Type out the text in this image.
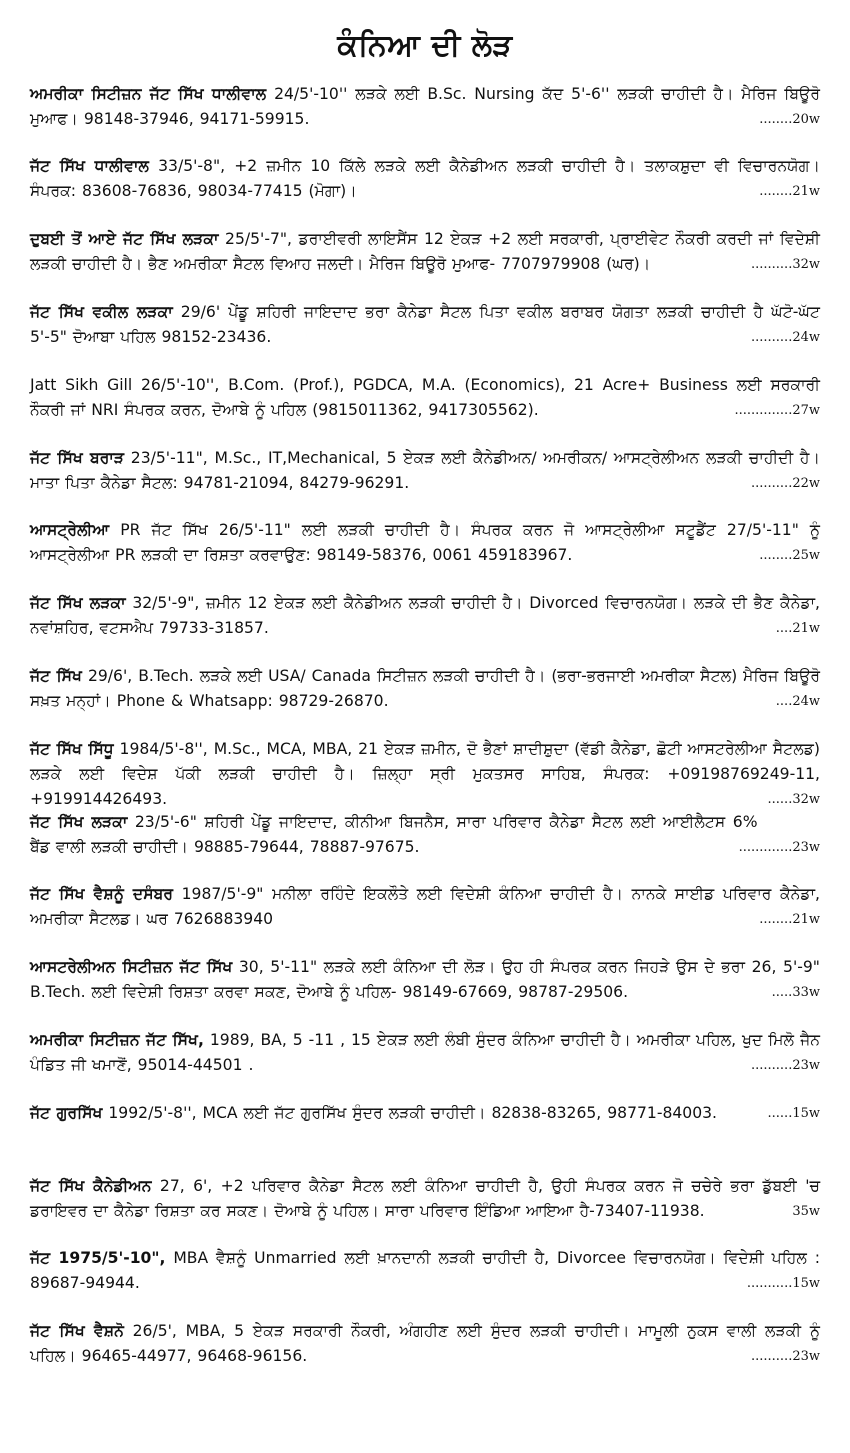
ਕੰਨਿਆ ਦੀ ਲੋੜ

ਅਮਰੀਕਾ ਸਿਟੀਜ਼ਨ ਜੱਟ ਸਿੱਖ ਧਾਲੀਵਾਲ 24/5'-10'' ਲੜਕੇ ਲਈ B.Sc. Nursing ਕੱਦ 5'-6'' ਲੜਕੀ ਚਾਹੀਦੀ ਹੈ। ਮੈਰਿਜ ਬਿਊਰੋ ਮੁਆਫ। 98148-37946, 94171-59915.	........20w

ਜੱਟ ਸਿੱਖ ਧਾਲੀਵਾਲ 33/5'-8", +2 ਜ਼ਮੀਨ 10 ਕਿੱਲੇ ਲੜਕੇ ਲਈ ਕੈਨੇਡੀਅਨ ਲੜਕੀ ਚਾਹੀਦੀ ਹੈ। ਤਲਾਕਸ਼ੁਦਾ ਵੀ ਵਿਚਾਰਨਯੋਗ। ਸੰਪਰਕ: 83608-76836, 98034-77415 (ਮੋਗਾ)।	........21w

ਦੁਬਈ ਤੋਂ ਆਏ ਜੱਟ ਸਿੱਖ ਲੜਕਾ 25/5'-7", ਡਰਾਈਵਰੀ ਲਾਇਸੈਂਸ 12 ਏਕੜ +2 ਲਈ ਸਰਕਾਰੀ, ਪ੍ਰਾਈਵੇਟ ਨੌਕਰੀ ਕਰਦੀ ਜਾਂ ਵਿਦੇਸ਼ੀ ਲੜਕੀ ਚਾਹੀਦੀ ਹੈ। ਭੈਣ ਅਮਰੀਕਾ ਸੈਟਲ ਵਿਆਹ ਜਲਦੀ। ਮੈਰਿਜ ਬਿਊਰੋ ਮੁਆਫ- 7707979908 (ਘਰ)।	..........32w

ਜੱਟ ਸਿੱਖ ਵਕੀਲ ਲੜਕਾ 29/6' ਪੇਂਡੂ ਸ਼ਹਿਰੀ ਜਾਇਦਾਦ ਭਰਾ ਕੈਨੇਡਾ ਸੈਟਲ ਪਿਤਾ ਵਕੀਲ ਬਰਾਬਰ ਯੋਗਤਾ ਲੜਕੀ ਚਾਹੀਦੀ ਹੈ ਘੱਟੋ-ਘੱਟ 5'-5" ਦੋਆਬਾ ਪਹਿਲ 98152-23436.	..........24w

Jatt Sikh Gill 26/5'-10'', B.Com. (Prof.), PGDCA, M.A. (Economics), 21 Acre+ Business ਲਈ ਸਰਕਾਰੀ ਨੌਕਰੀ ਜਾਂ NRI ਸੰਪਰਕ ਕਰਨ, ਦੋਆਬੇ ਨੂੰ ਪਹਿਲ (9815011362, 9417305562).	..............27w

ਜੱਟ ਸਿੱਖ ਬਰਾੜ 23/5'-11", M.Sc., IT,Mechanical, 5 ਏਕੜ ਲਈ ਕੈਨੇਡੀਅਨ/ ਅਮਰੀਕਨ/ ਆਸਟ੍ਰੇਲੀਅਨ ਲੜਕੀ ਚਾਹੀਦੀ ਹੈ। ਮਾਤਾ ਪਿਤਾ ਕੈਨੇਡਾ ਸੈਟਲ: 94781-21094, 84279-96291.	..........22w

ਆਸਟ੍ਰੇਲੀਆ PR ਜੱਟ ਸਿੱਖ 26/5'-11" ਲਈ ਲੜਕੀ ਚਾਹੀਦੀ ਹੈ। ਸੰਪਰਕ ਕਰਨ ਜੋ ਆਸਟ੍ਰੇਲੀਆ ਸਟੂਡੈਂਟ 27/5'-11" ਨੂੰ ਆਸਟ੍ਰੇਲੀਆ PR ਲੜਕੀ ਦਾ ਰਿਸ਼ਤਾ ਕਰਵਾਉਣ: 98149-58376, 0061 459183967.	........25w

ਜੱਟ ਸਿੱਖ ਲੜਕਾ 32/5'-9", ਜ਼ਮੀਨ 12 ਏਕੜ ਲਈ ਕੈਨੇਡੀਅਨ ਲੜਕੀ ਚਾਹੀਦੀ ਹੈ। Divorced ਵਿਚਾਰਨਯੋਗ। ਲੜਕੇ ਦੀ ਭੈਣ ਕੈਨੇਡਾ, ਨਵਾਂਸ਼ਹਿਰ, ਵਟਸਐਪ 79733-31857.	....21w

ਜੱਟ ਸਿੱਖ 29/6', B.Tech. ਲੜਕੇ ਲਈ USA/ Canada ਸਿਟੀਜ਼ਨ ਲੜਕੀ ਚਾਹੀਦੀ ਹੈ। (ਭਰਾ-ਭਰਜਾਈ ਅਮਰੀਕਾ ਸੈਟਲ) ਮੈਰਿਜ ਬਿਊਰੋ ਸਖ਼ਤ ਮਨ੍ਹਾਂ। Phone & Whatsapp: 98729-26870.	....24w

ਜੱਟ ਸਿੱਖ ਸਿੱਧੂ 1984/5'-8'', M.Sc., MCA, MBA, 21 ਏਕੜ ਜ਼ਮੀਨ, ਦੋ ਭੈਣਾਂ ਸ਼ਾਦੀਸ਼ੁਦਾ (ਵੱਡੀ ਕੈਨੇਡਾ, ਛੋਟੀ ਆਸਟਰੇਲੀਆ ਸੈਟਲਡ) ਲੜਕੇ ਲਈ ਵਿਦੇਸ਼ ਪੱਕੀ ਲੜਕੀ ਚਾਹੀਦੀ ਹੈ। ਜ਼ਿਲ੍ਹਾ ਸ੍ਰੀ ਮੁਕਤਸਰ ਸਾਹਿਬ, ਸੰਪਰਕ: +09198769249-11, +919914426493.	......32w

ਜੱਟ ਸਿੱਖ ਲੜਕਾ 23/5'-6" ਸ਼ਹਿਰੀ ਪੇਂਡੂ ਜਾਇਦਾਦ, ਕੀਨੀਆ ਬਿਜਨੈਸ, ਸਾਰਾ ਪਰਿਵਾਰ ਕੈਨੇਡਾ ਸੈਟਲ ਲਈ ਆਈਲੈਟਸ 6% ਬੈਂਡ ਵਾਲੀ ਲੜਕੀ ਚਾਹੀਦੀ। 98885-79644, 78887-97675.	.............23w

ਜੱਟ ਸਿੱਖ ਵੈਸ਼ਨੂੰ ਦਸੰਬਰ 1987/5'-9" ਮਨੀਲਾ ਰਹਿੰਦੇ ਇਕਲੌਤੇ ਲਈ ਵਿਦੇਸ਼ੀ ਕੰਨਿਆ ਚਾਹੀਦੀ ਹੈ। ਨਾਨਕੇ ਸਾਈਡ ਪਰਿਵਾਰ ਕੈਨੇਡਾ, ਅਮਰੀਕਾ ਸੈਟਲਡ। ਘਰ 7626883940	........21w

ਆਸਟਰੇਲੀਅਨ ਸਿਟੀਜ਼ਨ ਜੱਟ ਸਿੱਖ 30, 5'-11" ਲੜਕੇ ਲਈ ਕੰਨਿਆ ਦੀ ਲੋੜ। ਉਹ ਹੀ ਸੰਪਰਕ ਕਰਨ ਜਿਹੜੇ ਉਸ ਦੇ ਭਰਾ 26, 5'-9" B.Tech. ਲਈ ਵਿਦੇਸ਼ੀ ਰਿਸ਼ਤਾ ਕਰਵਾ ਸਕਣ, ਦੋਆਬੇ ਨੂੰ ਪਹਿਲ- 98149-67669, 98787-29506.	.....33w

ਅਮਰੀਕਾ ਸਿਟੀਜ਼ਨ ਜੱਟ ਸਿੱਖ, 1989, BA, 5 -11 , 15 ਏਕੜ ਲਈ ਲੰਬੀ ਸੁੰਦਰ ਕੰਨਿਆ ਚਾਹੀਦੀ ਹੈ। ਅਮਰੀਕਾ ਪਹਿਲ, ਖੁਦ ਮਿਲੋ ਜੈਨ ਪੰਡਿਤ ਜੀ ਖਮਾਣੋਂ, 95014-44501 .	..........23w

ਜੱਟ ਗੁਰਸਿੱਖ 1992/5'-8'', MCA ਲਈ ਜੱਟ ਗੁਰਸਿੱਖ ਸੁੰਦਰ ਲੜਕੀ ਚਾਹੀਦੀ। 82838-83265, 98771-84003.	......15w

ਜੱਟ ਸਿੱਖ ਕੈਨੇਡੀਅਨ 27, 6', +2 ਪਰਿਵਾਰ ਕੈਨੇਡਾ ਸੈਟਲ ਲਈ ਕੰਨਿਆ ਚਾਹੀਦੀ ਹੈ, ਉਹੀ ਸੰਪਰਕ ਕਰਨ ਜੋ ਚਚੇਰੇ ਭਰਾ ਡੁੱਬਈ 'ਚ ਡਰਾਇਵਰ ਦਾ ਕੈਨੇਡਾ ਰਿਸ਼ਤਾ ਕਰ ਸਕਣ। ਦੋਆਬੇ ਨੂੰ ਪਹਿਲ। ਸਾਰਾ ਪਰਿਵਾਰ ਇੰਡਿਆ ਆਇਆ ਹੈ-73407-11938.	35w

ਜੱਟ 1975/5'-10", MBA ਵੈਸ਼ਨੂੰ Unmarried ਲਈ ਖ਼ਾਨਦਾਨੀ ਲੜਕੀ ਚਾਹੀਦੀ ਹੈ, Divorcee ਵਿਚਾਰਨਯੋਗ। ਵਿਦੇਸ਼ੀ ਪਹਿਲ : 89687-94944.	...........15w

ਜੱਟ ਸਿੱਖ ਵੈਸ਼ਨੋ 26/5', MBA, 5 ਏਕੜ ਸਰਕਾਰੀ ਨੌਕਰੀ, ਅੰਗਹੀਣ ਲਈ ਸੁੰਦਰ ਲੜਕੀ ਚਾਹੀਦੀ। ਮਾਮੂਲੀ ਨੁਕਸ ਵਾਲੀ ਲੜਕੀ ਨੂੰ ਪਹਿਲ। 96465-44977, 96468-96156.	..........23w
